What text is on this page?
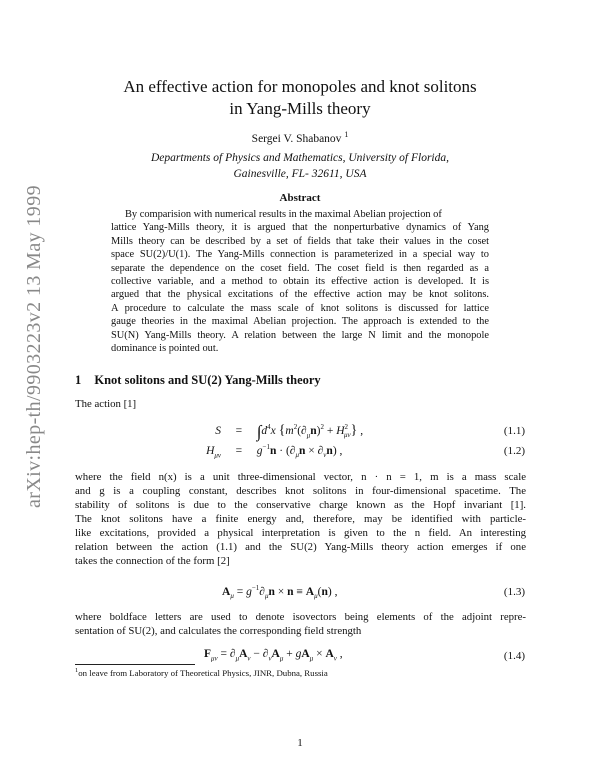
arXiv:hep-th/9903223v2 13 May 1999
An effective action for monopoles and knot solitons
in Yang-Mills theory
Sergei V. Shabanov $^1$
Departments of Physics and Mathematics, University of Florida,
Gainesville, FL- 32611, USA
Abstract
By comparision with numerical results in the maximal Abelian projection of
lattice Yang-Mills theory, it is argued that the nonperturbative dynamics of Yang
Mills theory can be described by a set of fields that take their values in the coset
space SU(2)/U(1). The Yang-Mills connection is parameterized in a special way to
separate the dependence on the coset field. The coset field is then regarded as a
collective variable, and a method to obtain its effective action is developed. It is
argued that the physical excitations of the effective action may be knot solitons.
A procedure to calculate the mass scale of knot solitons is discussed for lattice
gauge theories in the maximal Abelian projection. The approach is extended to the
SU(N) Yang-Mills theory. A relation between the large N limit and the monopole
dominance is pointed out.
1 Knot solitons and SU(2) Yang-Mills theory
The action [1]
$S = \int d^4x$ $\{m^2(\partial_\mu n)^2 + H^2_{\mu\nu}\}$ ,	(1.1)
$H_{\mu\nu} = g^{-1}n \cdot (\partial_\mu n \times \partial_\nu n)$ ,	(1.2)
where the field n(x) is a unit three-dimensional vector, n · n = 1, m is a mass scale
and g is a coupling constant, describes knot solitons in four-dimensional spacetime. The
stability of solitons is due to the conservative charge known as the Hopf invariant [1].
The knot solitons have a finite energy and, therefore, may be identified with particle-
like excitations, provided a physical interpretation is given to the n field. An interesting
relation between the action (1.1) and the SU(2) Yang-Mills theory action emerges if one
takes the connection of the form [2]
$A_\mu = g^{-1}\partial_\mu n \times n \equiv A_\mu(n)$ ,	(1.3)
where boldface letters are used to denote isovectors being elements of the adjoint repre-
sentation of SU(2), and calculates the corresponding field strength
$F_{\mu\nu} = \partial_\mu A_\nu - \partial_\nu A_\mu + gA_\mu \times A_\nu$ ,	(1.4)
$^1$on leave from Laboratory of Theoretical Physics, JINR, Dubna, Russia
1
